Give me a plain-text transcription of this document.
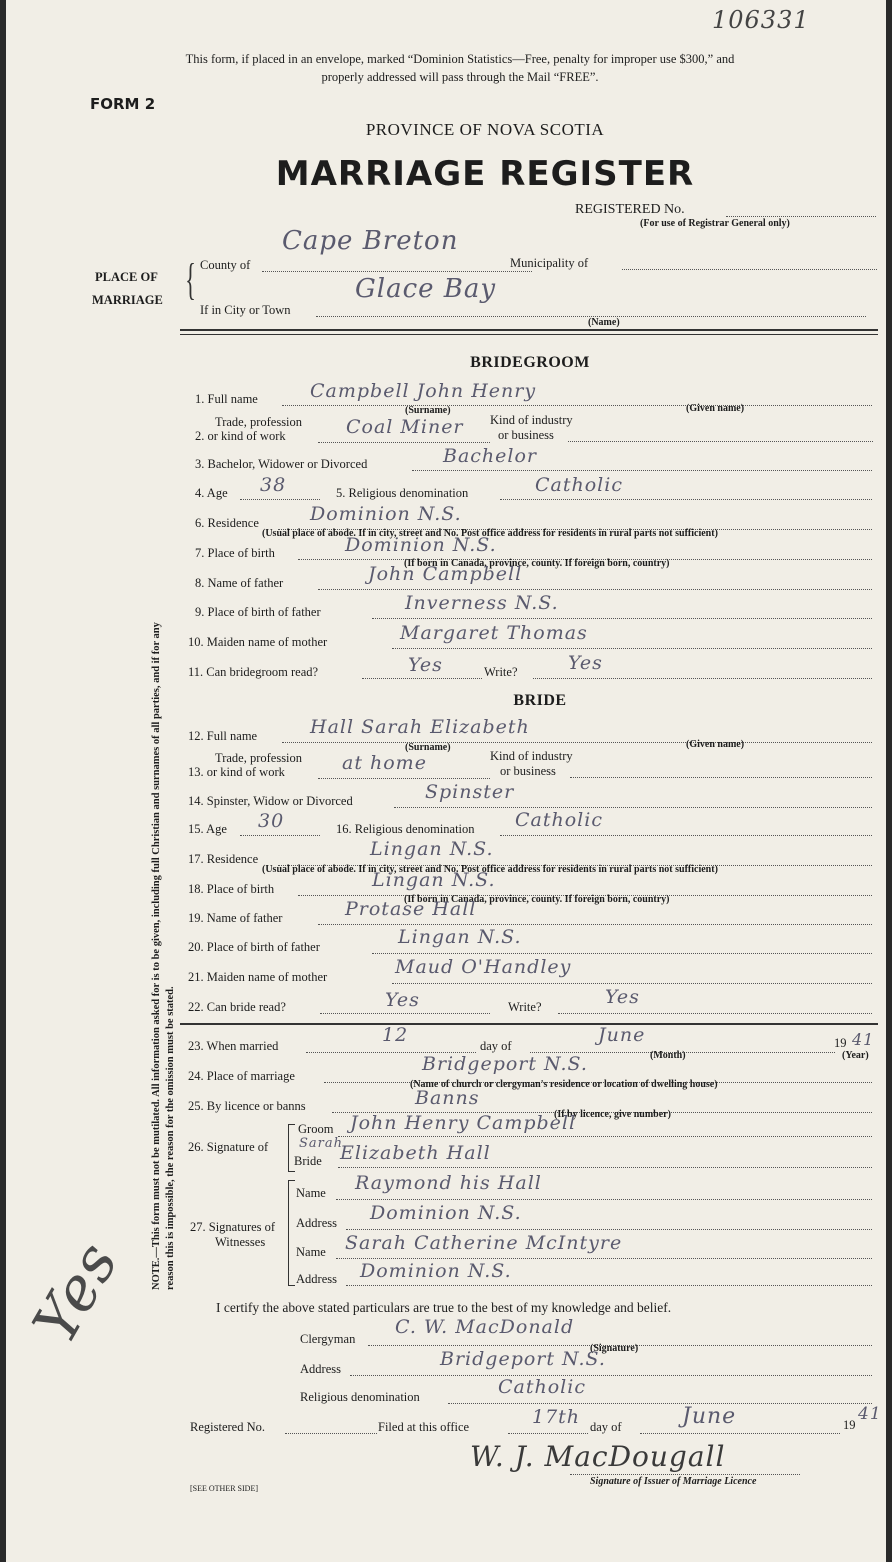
106331
This form, if placed in an envelope, marked “Dominion Statistics—Free, penalty for improper use $300,” and
properly addressed will pass through the Mail “FREE”.
FORM 2
PROVINCE OF NOVA SCOTIA
MARRIAGE REGISTER
REGISTERED No.
(For use of Registrar General only)
PLACE OF
MARRIAGE { County of
Cape Breton
Municipality of
If in City or Town
Glace Bay
(Name)
BRIDEGROOM
1. Full name	Campbell John Henry
(Surname)	(Given name)
Trade, profession
2. or kind of work	Coal Miner Kind of industry
or business
3. Bachelor, Widower or Divorced	Bachelor
4. Age 38	5. Religious denomination	Catholic
6. Residence	Dominion N.S.
(Usual place of abode. If in city, street and No. Post office address for residents in rural parts not sufficient)
7. Place of birth	Dominion N.S.
(If born in Canada, province, county. If foreign born, country)
8. Name of father	John Campbell
9. Place of birth of father	Inverness N.S.
10. Maiden name of mother	Margaret Thomas
11. Can bridegroom read?	Yes	Write?	Yes
BRIDE
12. Full name	Hall Sarah Elizabeth
(Surname)	(Given name)
Trade, profession
13. or kind of work	at home	Kind of industry
or business
14. Spinster, Widow or Divorced	Spinster
15. Age 30	16. Religious denomination Catholic
17. Residence	Lingan N.S.
(Usual place of abode. If in city, street and No. Post office address for residents in rural parts not sufficient)
18. Place of birth	Lingan N.S.
(If born in Canada, province, county. If foreign born, country)
19. Name of father	Protase Hall
20. Place of birth of father	Lingan N.S.
21. Maiden name of mother	Maud O'Handley
22. Can bride read?	Yes	Write?	Yes
23. When married	12	day of	June
(Month)
19 41
(Year)
24. Place of marriage
Bridgeport N.S.
(Name of church or clergyman's residence or location of dwelling house)
25. By licence or banns	Banns
(If by licence, give number)
26. Signature of
Groom John Henry Campbell
Sarah
Bride Elizabeth Hall
27. Signatures of
Witnesses
Name Raymond his Hall
Address Dominion N.S.
Name Sarah Catherine McIntyre
Address Dominion N.S.
I certify the above stated particulars are true to the best of my knowledge and belief.
Clergyman
C. W. MacDonald
(Signature)
Address	Bridgeport N.S.
Religious denomination	Catholic
Registered No.	Filed at this office	17th day of	June	19
41
W. J. MacDougall
Signature of Issuer of Marriage Licence
[SEE OTHER SIDE]
NOTE.—This form must not be mutilated. All information asked for is to be given, including full Christian and surnames of all parties, and if for any reason this is impossible, the reason for the omission must be stated.
Yes
